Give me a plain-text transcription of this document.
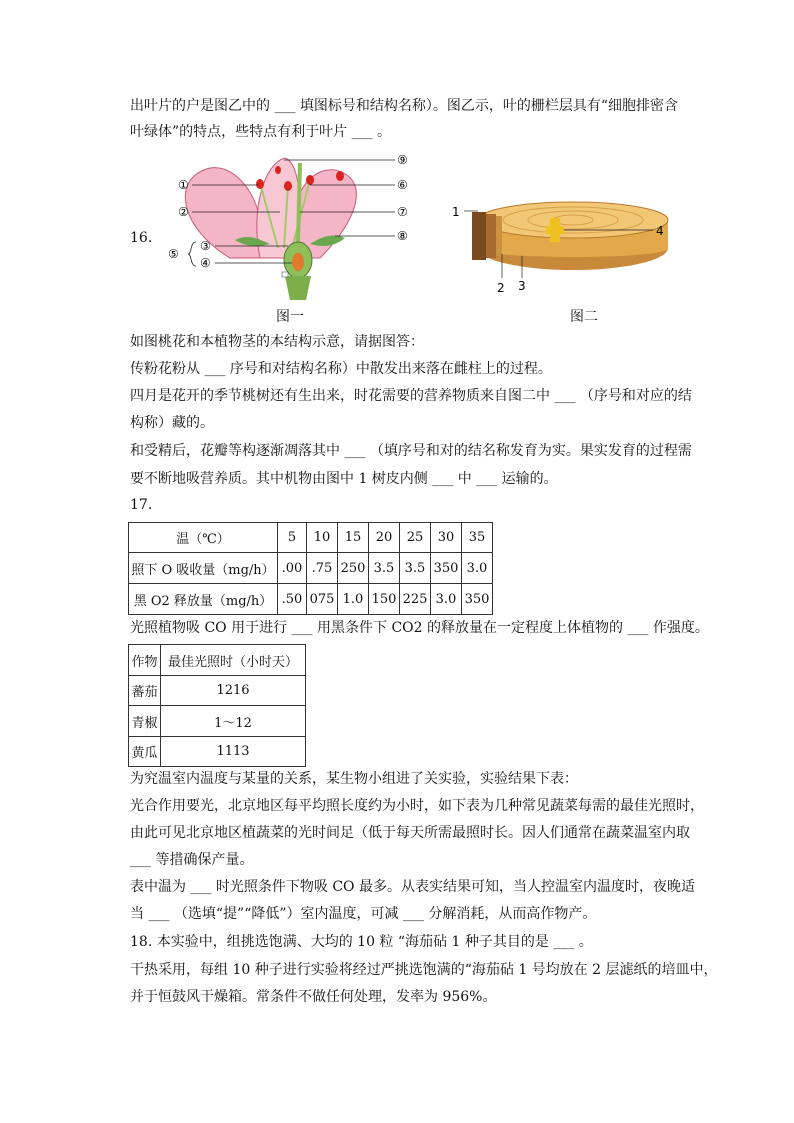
出叶片的户是图乙中的 ___ 填图标号和结构名称）。图乙示，叶的栅栏层具有“细胞排密含
叶绿体”的特点，些特点有利于叶片 ___ 。
16.
①
②
③
④
⑤
⑥
⑦
⑧
⑨
1
2 3
4
图一	图二
如图桃花和本植物茎的本结构示意，请据图答：
传粉花粉从 ___ 序号和对结构名称）中散发出来落在雌柱上的过程。
四月是花开的季节桃树还有生出来，时花需要的营养物质来自图二中 ___ （序号和对应的结
构称）藏的。
和受精后，花瓣等构逐渐凋落其中 ___ （填序号和对的结名称发育为实。果实发育的过程需
要不断地吸营养质。其中机物由图中 1 树皮内侧 ___ 中 ___ 运输的。
17.
温（℃）	5	10	15	20	25	30	35
照下 O 吸收量（mg/h）	.00	.75	250	3.5	3.5	350	3.0
黑 O2 释放量（mg/h）	.50	075	1.0	150	225	3.0	350
光照植物吸 CO 用于进行 ___ 用黑条件下 CO2 的释放量在一定程度上体植物的 ___ 作强度。
作物	最佳光照时（小时天）
蕃茄	1216
青椒	1～12
黄瓜	1113
为究温室内温度与某量的关系，某生物小组进了关实验，实验结果下表：
光合作用要光，北京地区每平均照长度约为小时，如下表为几种常见蔬菜每需的最佳光照时，
由此可见北京地区植蔬菜的光时间足（低于每天所需最照时长。因人们通常在蔬菜温室内取
___ 等措确保产量。
表中温为 ___ 时光照条件下物吸 CO 最多。从表实结果可知，当人控温室内温度时，夜晚适
当 ___ （选填“提”“降低”）室内温度，可减 ___ 分解消耗，从而高作物产。
18. 本实验中，组挑选饱满、大均的 10 粒 “海茄砧 1 种子其目的是 ___ 。
干热采用，每组 10 种子进行实验将经过严挑选饱满的“海茄砧 1 号均放在 2 层滤纸的培皿中，
并于恒鼓风干燥箱。常条件不做任何处理，发率为 956%。
